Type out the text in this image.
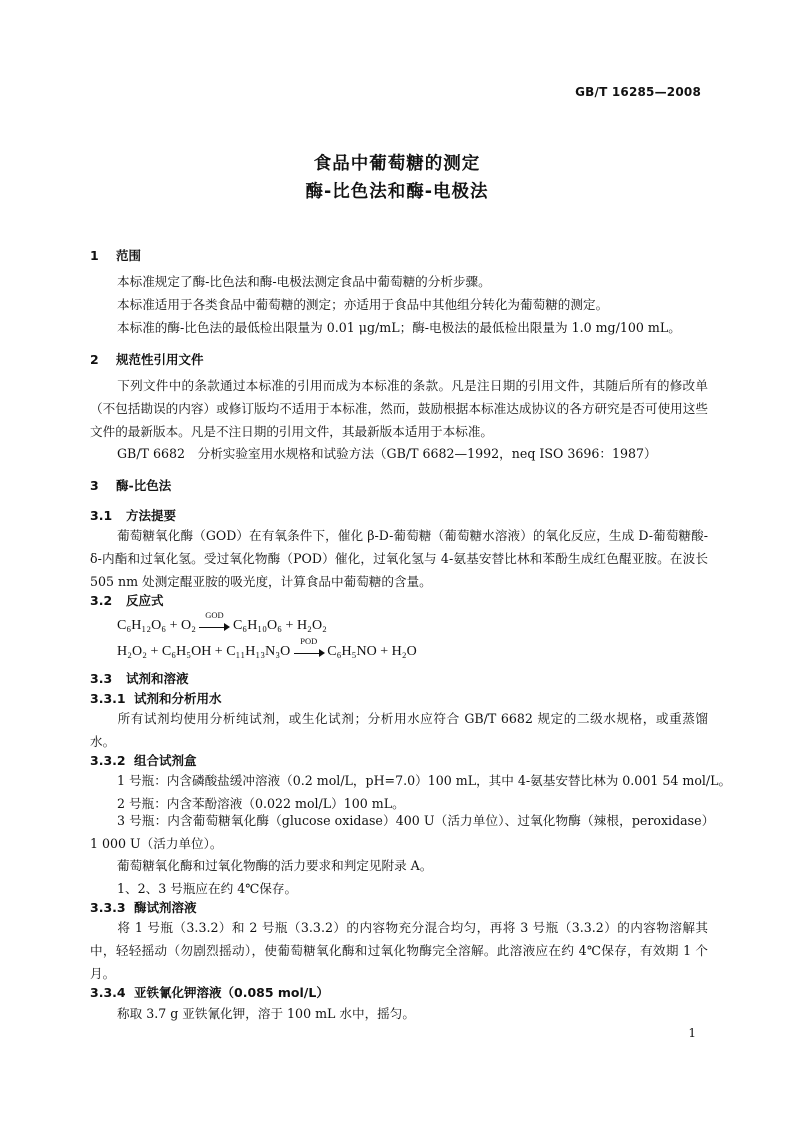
GB/T 16285—2008
食品中葡萄糖的测定
酶-比色法和酶-电极法
1 范围
本标准规定了酶-比色法和酶-电极法测定食品中葡萄糖的分析步骤。
本标准适用于各类食品中葡萄糖的测定；亦适用于食品中其他组分转化为葡萄糖的测定。
本标准的酶-比色法的最低检出限量为 0.01 μg/mL；酶-电极法的最低检出限量为 1.0 mg/100 mL。
2 规范性引用文件
下列文件中的条款通过本标准的引用而成为本标准的条款。凡是注日期的引用文件，其随后所有的修改单（不包括勘误的内容）或修订版均不适用于本标准，然而，鼓励根据本标准达成协议的各方研究是否可使用这些文件的最新版本。凡是不注日期的引用文件，其最新版本适用于本标准。
GB/T 6682　分析实验室用水规格和试验方法（GB/T 6682—1992，neq ISO 3696：1987）
3 酶-比色法
3.1 方法提要
葡萄糖氧化酶（GOD）在有氧条件下，催化 β-D-葡萄糖（葡萄糖水溶液）的氧化反应，生成 D-葡萄糖酸-δ-内酯和过氧化氢。受过氧化物酶（POD）催化，过氧化氢与 4-氨基安替比林和苯酚生成红色醌亚胺。在波长 505 nm 处测定醌亚胺的吸光度，计算食品中葡萄糖的含量。
3.2 反应式
C₆H₁₂O₆ + O₂
GOD
C₆H₁₀O₆ + H₂O₂
H₂O₂ + C₆H₅OH + C₁₁H₁₃N₃O
POD
C₆H₅NO + H₂O
3.3 试剂和溶液
3.3.1 试剂和分析用水
所有试剂均使用分析纯试剂，或生化试剂；分析用水应符合 GB/T 6682 规定的二级水规格，或重蒸馏水。
3.3.2 组合试剂盒
1 号瓶：内含磷酸盐缓冲溶液（0.2 mol/L，pH=7.0）100 mL，其中 4-氨基安替比林为 0.001 54 mol/L。
2 号瓶：内含苯酚溶液（0.022 mol/L）100 mL。
3 号瓶：内含葡萄糖氧化酶（glucose oxidase）400 U（活力单位）、过氧化物酶（辣根，peroxidase）1 000 U（活力单位）。
葡萄糖氧化酶和过氧化物酶的活力要求和判定见附录 A。
1、2、3 号瓶应在约 4℃保存。
3.3.3 酶试剂溶液
将 1 号瓶（3.3.2）和 2 号瓶（3.3.2）的内容物充分混合均匀，再将 3 号瓶（3.3.2）的内容物溶解其中，轻轻摇动（勿剧烈摇动），使葡萄糖氧化酶和过氧化物酶完全溶解。此溶液应在约 4℃保存，有效期 1 个月。
3.3.4 亚铁氰化钾溶液（0.085 mol/L）
称取 3.7 g 亚铁氰化钾，溶于 100 mL 水中，摇匀。
1
